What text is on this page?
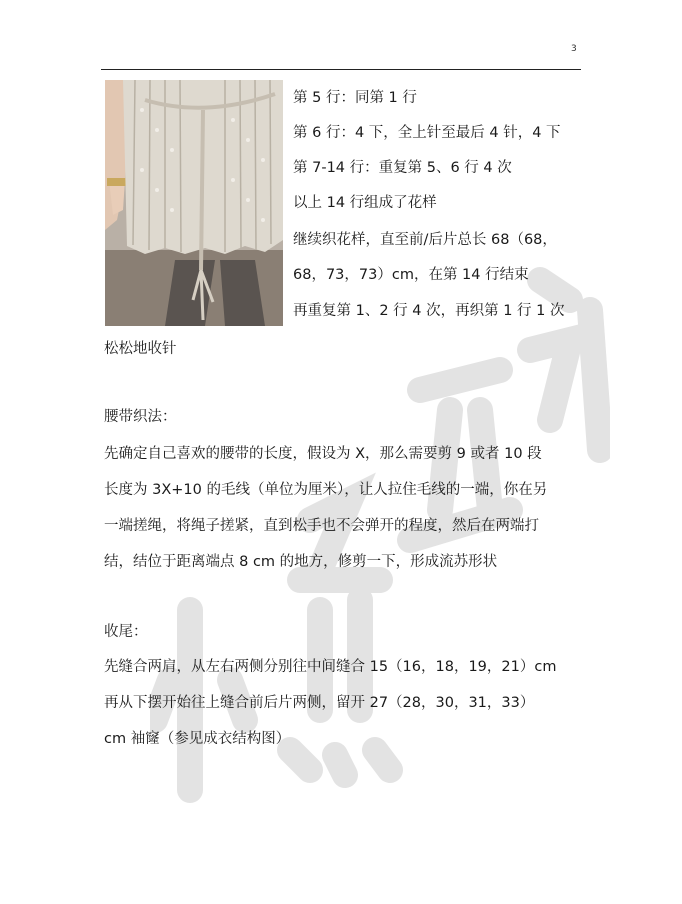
3
第 5 行：同第 1 行
第 6 行：4 下，全上针至最后 4 针，4 下
第 7-14 行：重复第 5、6 行 4 次
以上 14 行组成了花样
继续织花样，直至前/后片总长 68（68，
68，73，73）cm，在第 14 行结束
再重复第 1、2 行 4 次，再织第 1 行 1 次
松松地收针
腰带织法：
先确定自己喜欢的腰带的长度，假设为 X，那么需要剪 9 或者 10 段
长度为 3X+10 的毛线（单位为厘米），让人拉住毛线的一端，你在另
一端搓绳，将绳子搓紧，直到松手也不会弹开的程度，然后在两端打
结，结位于距离端点 8 cm 的地方，修剪一下，形成流苏形状
收尾：
先缝合两肩，从左右两侧分别往中间缝合 15（16，18，19，21）cm
再从下摆开始往上缝合前后片两侧，留开 27（28，30，31，33）
cm 袖窿（参见成衣结构图）
